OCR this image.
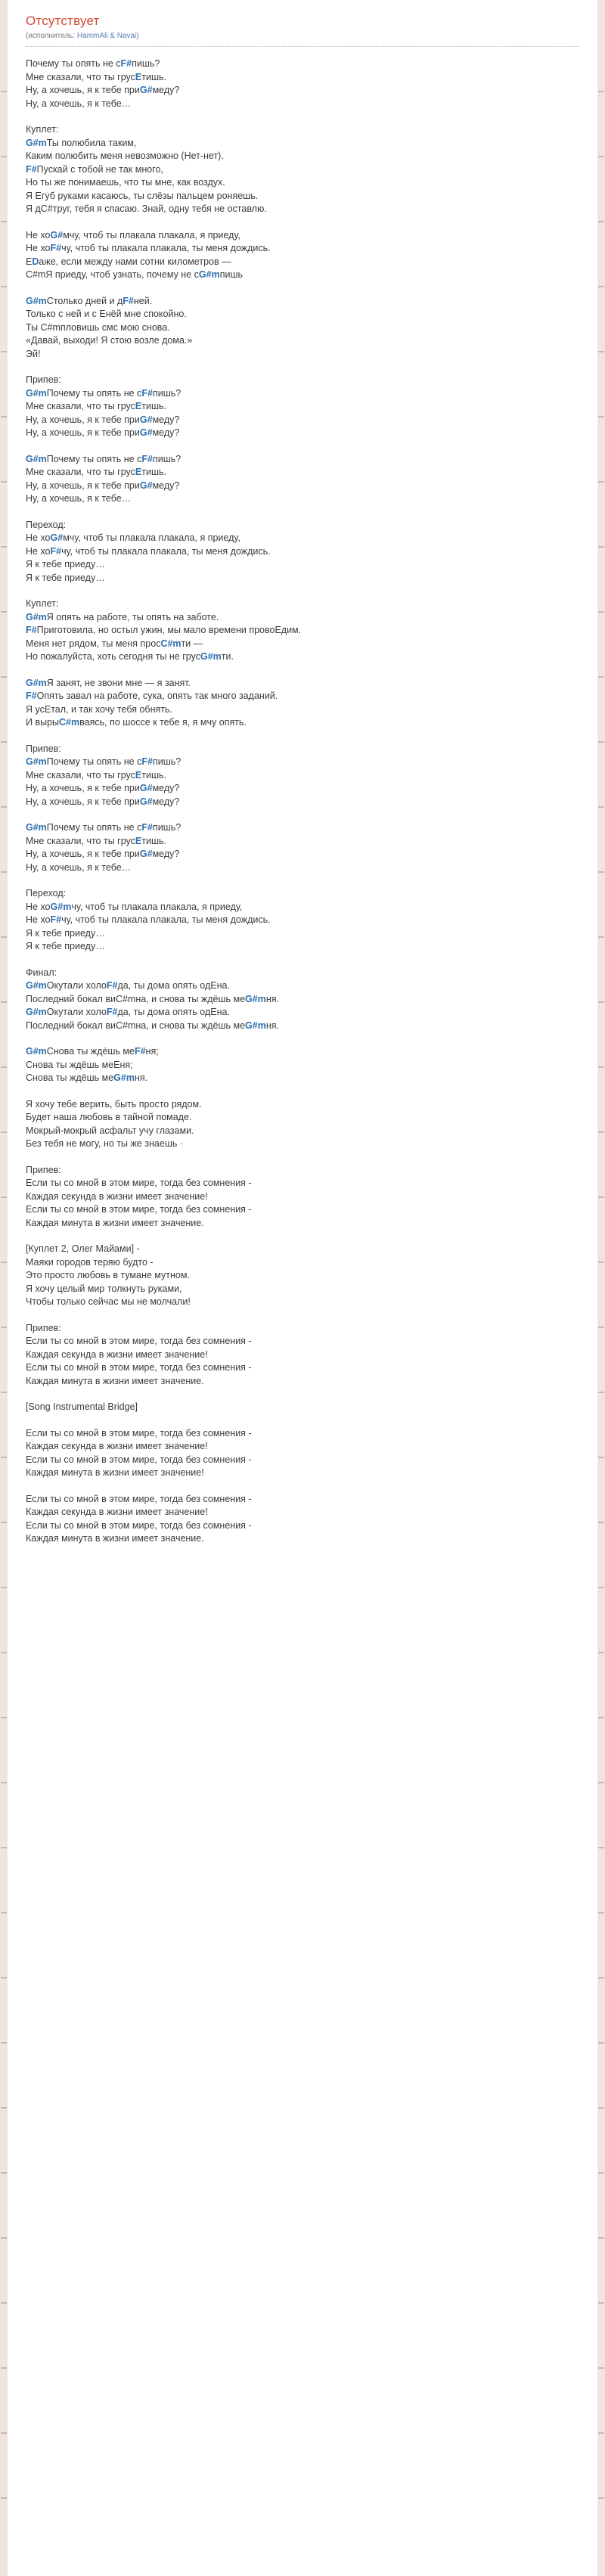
Отсутствует
(исполнитель: HammAli & Navai)
Почему ты опять не сF#пишь?
Мне сказали, что ты грусEтишь.
Ну, а хочешь, я к тебе приG#меду?
Ну, а хочешь, я к тебе…
Куплет:
G#mТы полюбила таким,
Каким полюбить меня невозможно (Нет-нет).
F#Пускай с тобой не так много,
Но ты же понимаешь, что ты мне, как воздух.
Я Егуб руками касаюсь, ты слёзы пальцем роняешь.
Я дС#труг, тебя я спасаю. Знай, одну тебя не оставлю.
Не хоG#мчу, чтоб ты плакала плакала, я приеду,
Не хоF#чу, чтоб ты плакала плакала, ты меня дождись.
ЕDаже, если между нами сотни километров —
С#mЯ приеду, чтоб узнать, почему не сG#mпишь
G#mСтолько дней и дF#ней.
Только с ней и с Енёй мне спокойно.
Ты С#mпловишь смс мою снова.
«Давай, выходи! Я стою возле дома.»
Эй!
Припев:
G#mПочему ты опять не сF#пишь?
Мне сказали, что ты грусEтишь.
Ну, а хочешь, я к тебе приG#медy?
Ну, а хочешь, я к тебе приG#меду?
G#mПочему ты опять не сF#пишь?
Мне сказали, что ты грусEтишь.
Ну, а хочешь, я к тебе приG#меду?
Ну, а хочешь, я к тебе…
Переход:
Не хоG#мчу, чтоб ты плакала плакала, я приеду,
Не хоF#чу, чтоб ты плакала плакала, ты меня дождись.
Я к тебе приеду…
Я к тебе приеду…
Куплет:
G#mЯ опять на работе, ты опять на заботе.
F#Приготовила, но остыл ужин, мы мало времени провоЕдим.
Меня нет рядом, ты меня просC#mти —
Но пожалуйста, хоть сегодня ты не грусG#mти.
G#mЯ занят, не звони мне — я занят.
F#Опять завал на работе, сука, опять так много заданий.
Я усЕтал, и так хочу тебя обнять.
И вырыC#mваясь, по шоссе к тебе я, я мчу опять.
Припев:
G#mПочему ты опять не сF#пишь?
Мне сказали, что ты грусEтишь.
Ну, а хочешь, я к тебе приG#меду?
Ну, а хочешь, я к тебе приG#меду?
G#mПочему ты опять не сF#пишь?
Мне сказали, что ты грусEтишь.
Ну, а хочешь, я к тебе приG#меду?
Ну, а хочешь, я к тебе…
Переход:
Не хоG#mчу, чтоб ты плакала плакала, я приеду,
Не хоF#чу, чтоб ты плакала плакала, ты меня дождись.
Я к тебе приеду…
Я к тебе приеду…
Финал:
G#mОкутали холоF#да, ты дома опять одЕна.
Последний бокал виС#mна, и снова ты ждёшь меG#mня.
G#mОкутали холоF#да, ты дома опять одЕна.
Последний бокал виС#mна, и снова ты ждёшь меG#mня.
G#mСнова ты ждёшь меF#ня;
Снова ты ждёшь меЕня;
Снова ты ждёшь меG#mня.
Я хочу тебе верить, быть просто рядом.
Будет наша любовь в тайной помаде.
Мокрый-мокрый асфальт учу глазами.
Без тебя не могу, но ты же знаешь ·
Припев:
Если ты со мной в этом мире, тогда без сомнения -
Каждая секунда в жизни имеет значение!
Если ты со мной в этом мире, тогда без сомнения -
Каждая минута в жизни имеет значение.
[Куплет 2, Олег Майами] -
Маяки городов теряю будто -
Это просто любовь в тумане мутном.
Я хочу целый мир толкнуть руками,
Чтобы только сейчас мы не молчали!
Припев:
Если ты со мной в этом мире, тогда без сомнения -
Каждая секунда в жизни имеет значение!
Если ты со мной в этом мире, тогда без сомнения -
Каждая минута в жизни имеет значение.
[Song Instrumental Bridge]
Если ты со мной в этом мире, тогда без сомнения -
Каждая секунда в жизни имеет значение!
Если ты со мной в этом мире, тогда без сомнения -
Каждая минута в жизни имеет значение!
Если ты со мной в этом мире, тогда без сомнения -
Каждая секунда в жизни имеет значение!
Если ты со мной в этом мире, тогда без сомнения -
Каждая минута в жизни имеет значение.
